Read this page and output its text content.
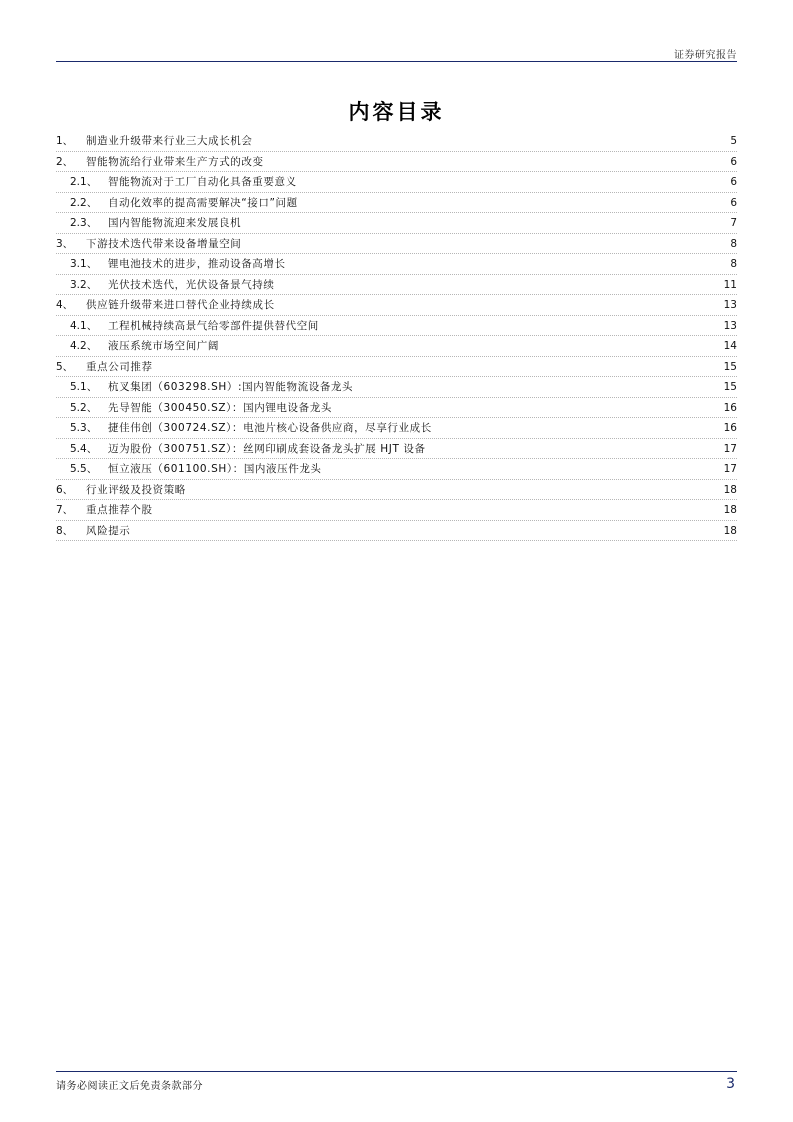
证券研究报告
内容目录
1、	制造业升级带来行业三大成长机会	5
2、	智能物流给行业带来生产方式的改变	6
2.1、	智能物流对于工厂自动化具备重要意义	6
2.2、	自动化效率的提高需要解决“接口”问题	6
2.3、	国内智能物流迎来发展良机	7
3、	下游技术迭代带来设备增量空间	8
3.1、	锂电池技术的进步，推动设备高增长	8
3.2、	光伏技术迭代，光伏设备景气持续	11
4、	供应链升级带来进口替代企业持续成长	13
4.1、	工程机械持续高景气给零部件提供替代空间	13
4.2、	液压系统市场空间广阔	14
5、	重点公司推荐	15
5.1、	杭叉集团（603298.SH）:国内智能物流设备龙头	15
5.2、	先导智能（300450.SZ）：国内锂电设备龙头	16
5.3、	捷佳伟创（300724.SZ）：电池片核心设备供应商，尽享行业成长	16
5.4、	迈为股份（300751.SZ）：丝网印刷成套设备龙头扩展 HJT 设备	17
5.5、	恒立液压（601100.SH）：国内液压件龙头	17
6、	行业评级及投资策略	18
7、	重点推荐个股	18
8、	风险提示	18
请务必阅读正文后免责条款部分	3
